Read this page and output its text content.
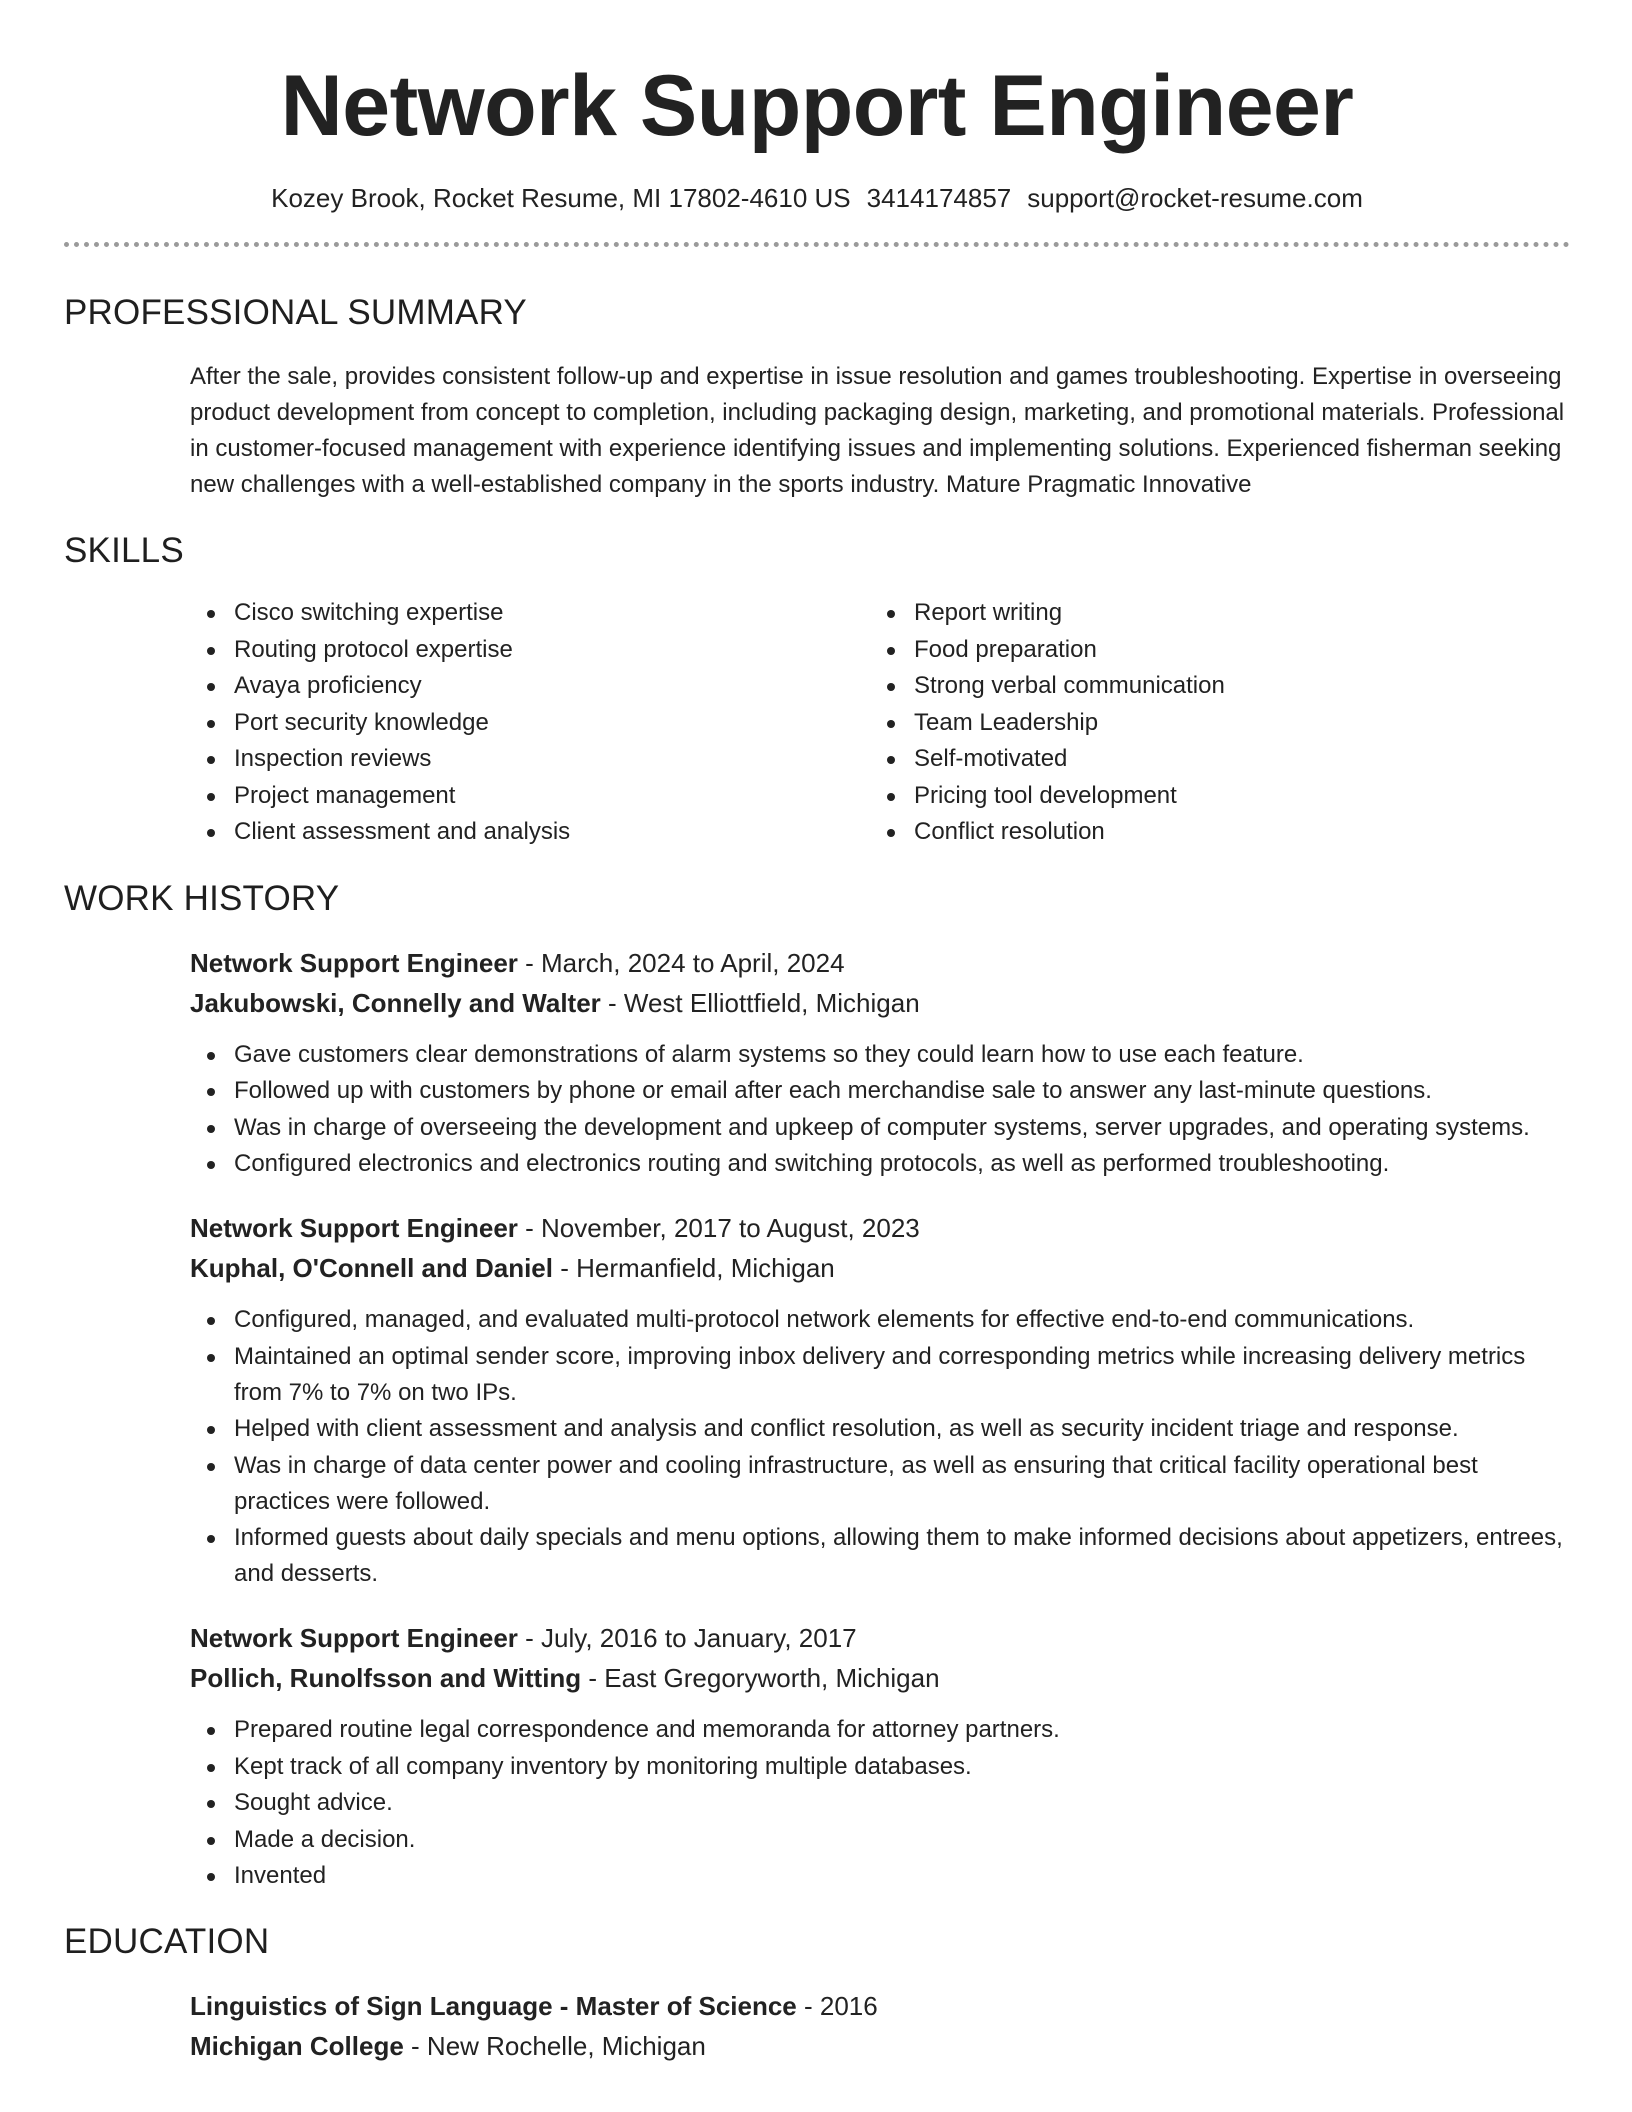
Network Support Engineer
Kozey Brook, Rocket Resume, MI 17802-4610 US 3414174857 support@rocket-resume.com
PROFESSIONAL SUMMARY
After the sale, provides consistent follow-up and expertise in issue resolution and games troubleshooting. Expertise in overseeing product development from concept to completion, including packaging design, marketing, and promotional materials. Professional in customer-focused management with experience identifying issues and implementing solutions. Experienced fisherman seeking new challenges with a well-established company in the sports industry. Mature Pragmatic Innovative
SKILLS
Cisco switching expertise
Routing protocol expertise
Avaya proficiency
Port security knowledge
Inspection reviews
Project management
Client assessment and analysis
Report writing
Food preparation
Strong verbal communication
Team Leadership
Self-motivated
Pricing tool development
Conflict resolution
WORK HISTORY
Network Support Engineer - March, 2024 to April, 2024
Jakubowski, Connelly and Walter - West Elliottfield, Michigan
Gave customers clear demonstrations of alarm systems so they could learn how to use each feature.
Followed up with customers by phone or email after each merchandise sale to answer any last-minute questions.
Was in charge of overseeing the development and upkeep of computer systems, server upgrades, and operating systems.
Configured electronics and electronics routing and switching protocols, as well as performed troubleshooting.
Network Support Engineer - November, 2017 to August, 2023
Kuphal, O'Connell and Daniel - Hermanfield, Michigan
Configured, managed, and evaluated multi-protocol network elements for effective end-to-end communications.
Maintained an optimal sender score, improving inbox delivery and corresponding metrics while increasing delivery metrics from 7% to 7% on two IPs.
Helped with client assessment and analysis and conflict resolution, as well as security incident triage and response.
Was in charge of data center power and cooling infrastructure, as well as ensuring that critical facility operational best practices were followed.
Informed guests about daily specials and menu options, allowing them to make informed decisions about appetizers, entrees, and desserts.
Network Support Engineer - July, 2016 to January, 2017
Pollich, Runolfsson and Witting - East Gregoryworth, Michigan
Prepared routine legal correspondence and memoranda for attorney partners.
Kept track of all company inventory by monitoring multiple databases.
Sought advice.
Made a decision.
Invented
EDUCATION
Linguistics of Sign Language - Master of Science - 2016
Michigan College - New Rochelle, Michigan
